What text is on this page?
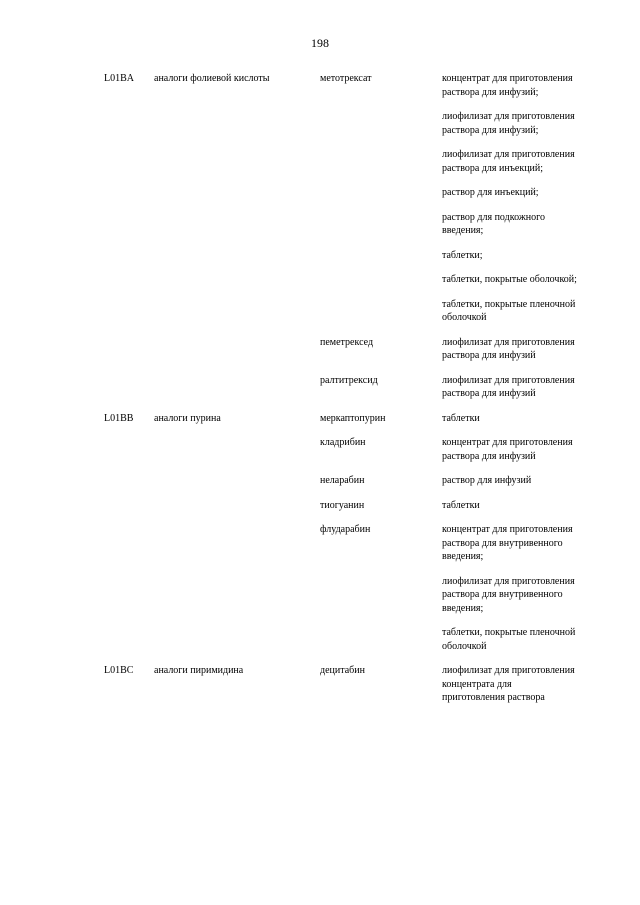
198
L01BA	аналоги фолиевой кислоты	метотрексат	концентрат для приготовления раствора для инфузий;
лиофилизат для приготовления раствора для инфузий;
лиофилизат для приготовления раствора для инъекций;
раствор для инъекций;
раствор для подкожного введения;
таблетки;
таблетки, покрытые оболочкой;
таблетки, покрытые пленочной оболочкой
пеметрексед	лиофилизат для приготовления раствора для инфузий
ралтитрексид	лиофилизат для приготовления раствора для инфузий
L01BB	аналоги пурина	меркаптопурин	таблетки
кладрибин	концентрат для приготовления раствора для инфузий
неларабин	раствор для инфузий
тиогуанин	таблетки
флударабин	концентрат для приготовления раствора для внутривенного введения;
лиофилизат для приготовления раствора для внутривенного введения;
таблетки, покрытые пленочной оболочкой
L01BC	аналоги пиримидина	децитабин	лиофилизат для приготовления концентрата для приготовления раствора
